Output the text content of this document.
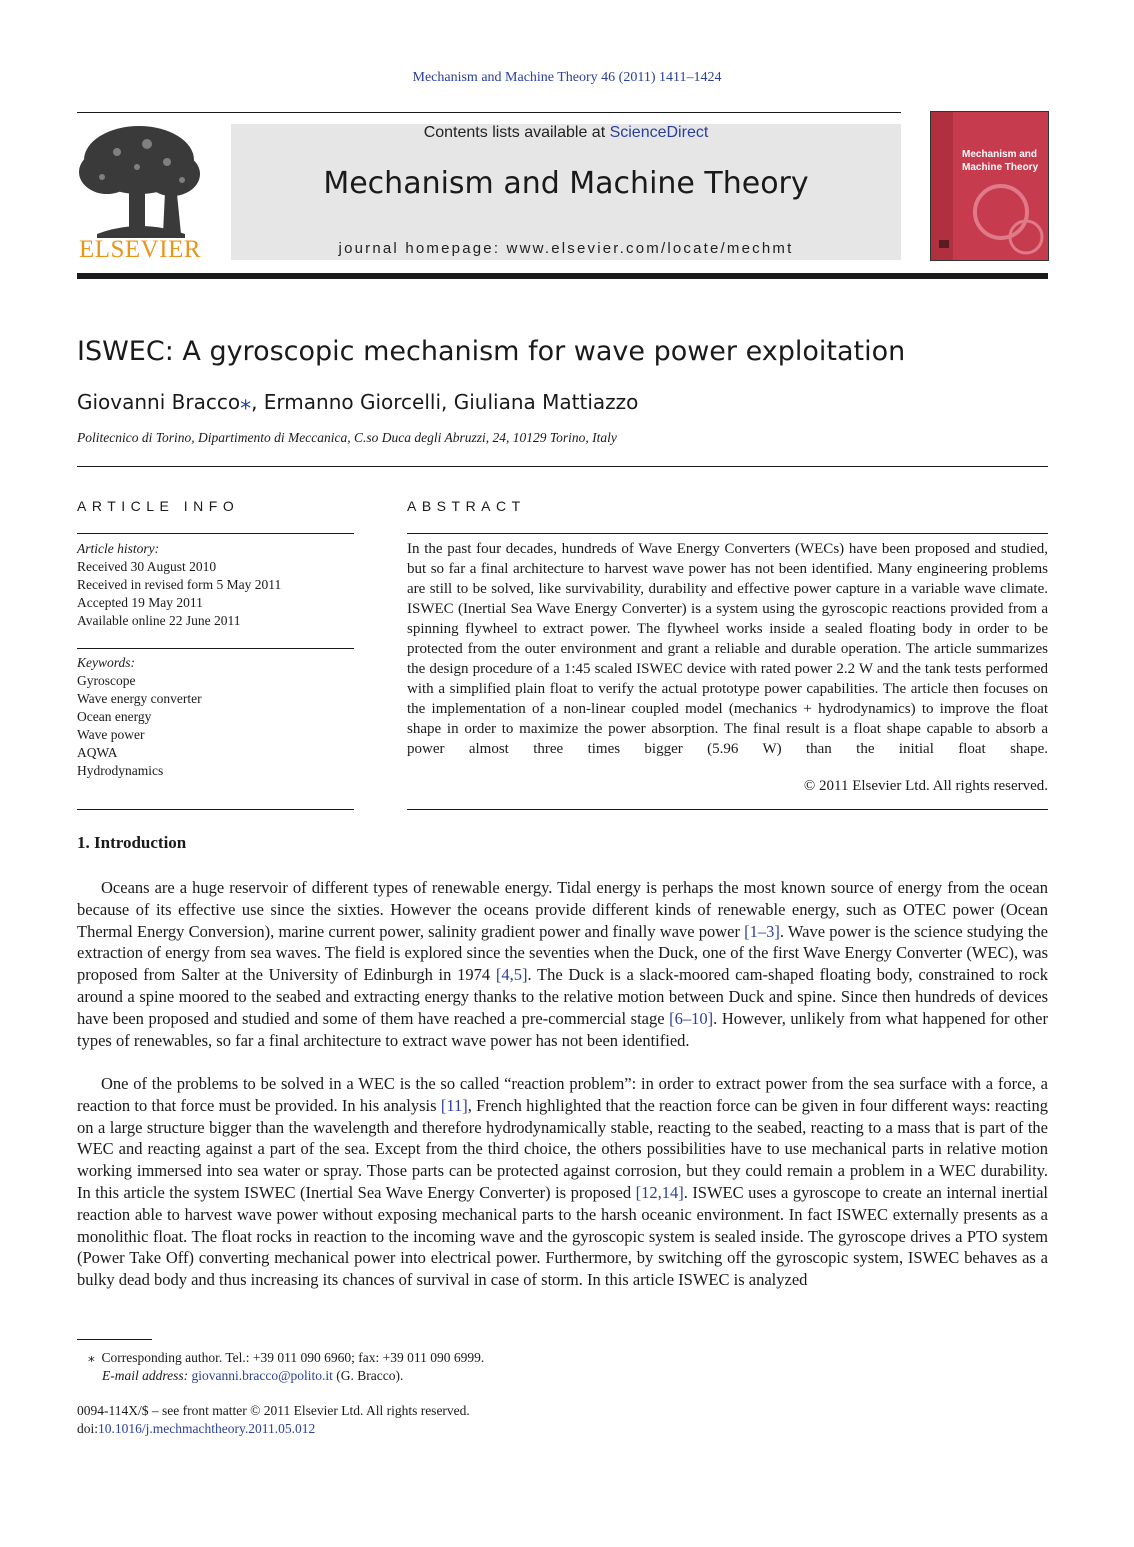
Mechanism and Machine Theory 46 (2011) 1411–1424
ELSEVIER
Contents lists available at ScienceDirect
Mechanism and Machine Theory
journal homepage: www.elsevier.com/locate/mechmt
Mechanism and Machine Theory
ISWEC: A gyroscopic mechanism for wave power exploitation
Giovanni Bracco⁎, Ermanno Giorcelli, Giuliana Mattiazzo
Politecnico di Torino, Dipartimento di Meccanica, C.so Duca degli Abruzzi, 24, 10129 Torino, Italy
ARTICLE INFO
Article history:
Received 30 August 2010
Received in revised form 5 May 2011
Accepted 19 May 2011
Available online 22 June 2011
Keywords:
Gyroscope
Wave energy converter
Ocean energy
Wave power
AQWA
Hydrodynamics
ABSTRACT
In the past four decades, hundreds of Wave Energy Converters (WECs) have been proposed and studied, but so far a final architecture to harvest wave power has not been identified. Many engineering problems are still to be solved, like survivability, durability and effective power capture in a variable wave climate. ISWEC (Inertial Sea Wave Energy Converter) is a system using the gyroscopic reactions provided from a spinning flywheel to extract power. The flywheel works inside a sealed floating body in order to be protected from the outer environment and grant a reliable and durable operation. The article summarizes the design procedure of a 1:45 scaled ISWEC device with rated power 2.2 W and the tank tests performed with a simplified plain float to verify the actual prototype power capabilities. The article then focuses on the implementation of a non-linear coupled model (mechanics + hydrodynamics) to improve the float shape in order to maximize the power absorption. The final result is a float shape capable to absorb a power almost three times bigger (5.96 W) than the initial float shape.
© 2011 Elsevier Ltd. All rights reserved.
1. Introduction
Oceans are a huge reservoir of different types of renewable energy. Tidal energy is perhaps the most known source of energy from the ocean because of its effective use since the sixties. However the oceans provide different kinds of renewable energy, such as OTEC power (Ocean Thermal Energy Conversion), marine current power, salinity gradient power and finally wave power [1–3]. Wave power is the science studying the extraction of energy from sea waves. The field is explored since the seventies when the Duck, one of the first Wave Energy Converter (WEC), was proposed from Salter at the University of Edinburgh in 1974 [4,5]. The Duck is a slack-moored cam-shaped floating body, constrained to rock around a spine moored to the seabed and extracting energy thanks to the relative motion between Duck and spine. Since then hundreds of devices have been proposed and studied and some of them have reached a pre-commercial stage [6–10]. However, unlikely from what happened for other types of renewables, so far a final architecture to extract wave power has not been identified.
One of the problems to be solved in a WEC is the so called “reaction problem”: in order to extract power from the sea surface with a force, a reaction to that force must be provided. In his analysis [11], French highlighted that the reaction force can be given in four different ways: reacting on a large structure bigger than the wavelength and therefore hydrodynamically stable, reacting to the seabed, reacting to a mass that is part of the WEC and reacting against a part of the sea. Except from the third choice, the others possibilities have to use mechanical parts in relative motion working immersed into sea water or spray. Those parts can be protected against corrosion, but they could remain a problem in a WEC durability. In this article the system ISWEC (Inertial Sea Wave Energy Converter) is proposed [12,14]. ISWEC uses a gyroscope to create an internal inertial reaction able to harvest wave power without exposing mechanical parts to the harsh oceanic environment. In fact ISWEC externally presents as a monolithic float. The float rocks in reaction to the incoming wave and the gyroscopic system is sealed inside. The gyroscope drives a PTO system (Power Take Off) converting mechanical power into electrical power. Furthermore, by switching off the gyroscopic system, ISWEC behaves as a bulky dead body and thus increasing its chances of survival in case of storm. In this article ISWEC is analyzed
⁎ Corresponding author. Tel.: +39 011 090 6960; fax: +39 011 090 6999.
E-mail address: giovanni.bracco@polito.it (G. Bracco).
0094-114X/$ – see front matter © 2011 Elsevier Ltd. All rights reserved.
doi:10.1016/j.mechmachtheory.2011.05.012
